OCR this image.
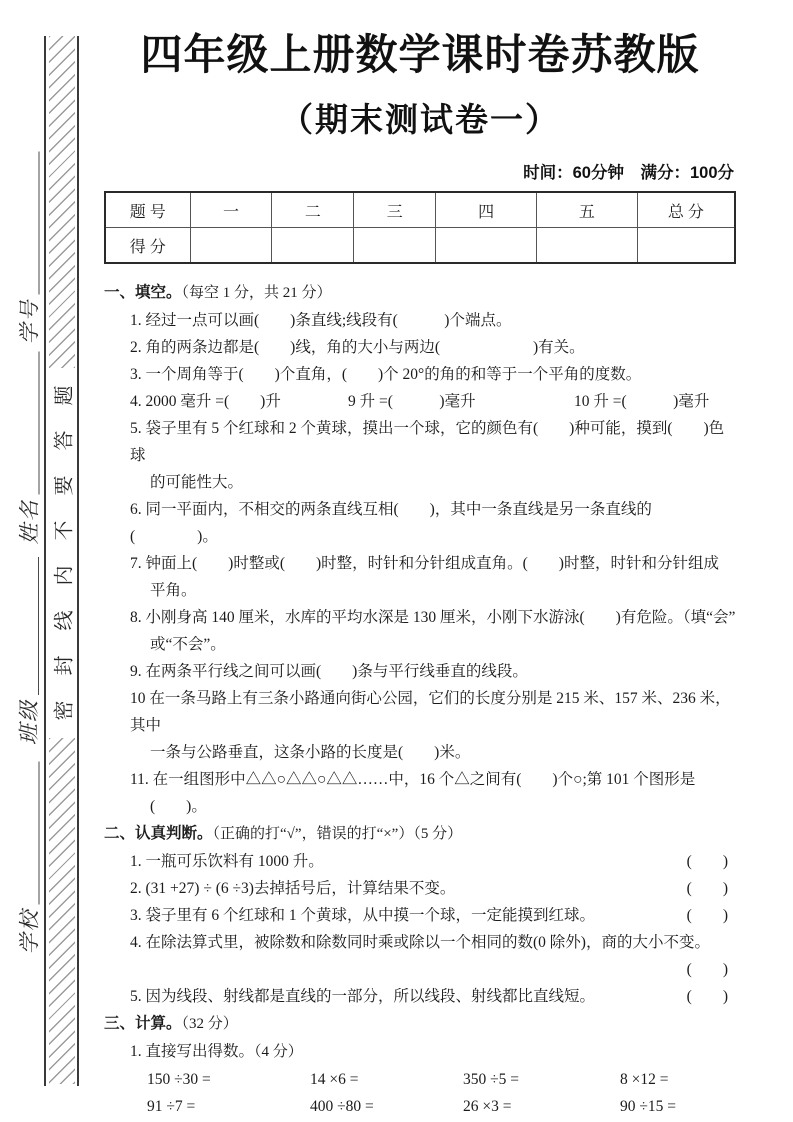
学号
姓名
班级
学校
题
答
要
不
内
线
封
密
四年级上册数学课时卷苏教版
（期末测试卷一）
时间：60分钟　满分：100分
题 号	一	二	三	四	五	总 分
得 分						
一、填空。（每空 1 分，共 21 分）
1. 经过一点可以画(　　)条直线;线段有(　　　)个端点。
2. 角的两条边都是(　　)线，角的大小与两边(　　　　　　)有关。
3. 一个周角等于(　　)个直角，(　　)个 20°的角的和等于一个平角的度数。
4. 2000 毫升 =(　　)升	9 升 =(　　　)毫升	10 升 =(　　　)毫升
5. 袋子里有 5 个红球和 2 个黄球，摸出一个球，它的颜色有(　　)种可能，摸到(　　)色球
的可能性大。
6. 同一平面内，不相交的两条直线互相(　　)，其中一条直线是另一条直线的(　　　　)。
7. 钟面上(　　)时整或(　　)时整，时针和分针组成直角。(　　)时整，时针和分针组成
平角。
8. 小刚身高 140 厘米，水库的平均水深是 130 厘米，小刚下水游泳(　　)有危险。（填“会”
或“不会”。
9. 在两条平行线之间可以画(　　)条与平行线垂直的线段。
10 在一条马路上有三条小路通向街心公园，它们的长度分别是 215 米、157 米、236 米，其中
一条与公路垂直，这条小路的长度是(　　)米。
11. 在一组图形中△△○△△○△△……中，16 个△之间有(　　)个○;第 101 个图形是
(　　)。
二、认真判断。（正确的打“√”，错误的打“×”）（5 分）
1. 一瓶可乐饮料有 1000 升。	(　　)
2. (31 +27) ÷ (6 ÷3)去掉括号后，计算结果不变。	(　　)
3. 袋子里有 6 个红球和 1 个黄球，从中摸一个球，一定能摸到红球。	(　　)
4. 在除法算式里，被除数和除数同时乘或除以一个相同的数(0 除外)，商的大小不变。
(　　)
5. 因为线段、射线都是直线的一部分，所以线段、射线都比直线短。	(　　)
三、计算。（32 分）
1. 直接写出得数。（4 分）
150 ÷30 =	14 ×6 =	350 ÷5 =	8 ×12 =
91 ÷7 =	400 ÷80 =	26 ×3 =	90 ÷15 =
